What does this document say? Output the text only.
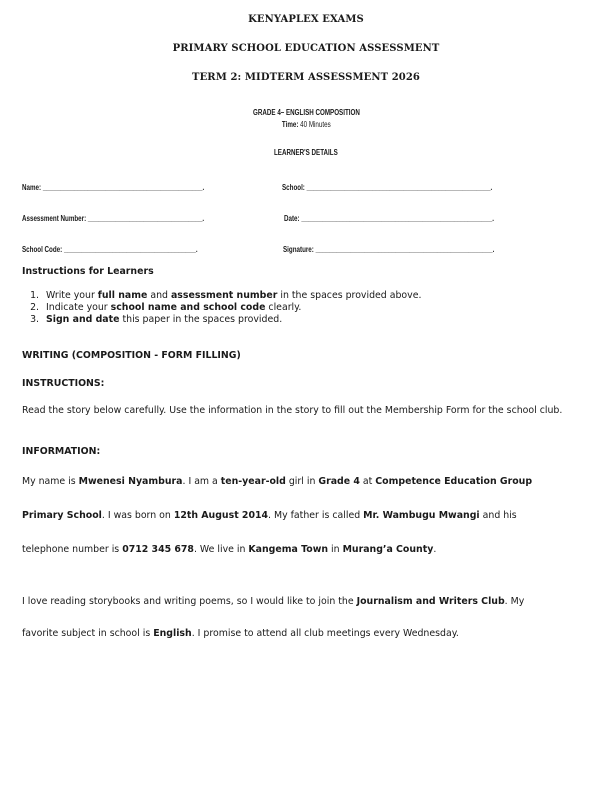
KENYAPLEX EXAMS
PRIMARY SCHOOL EDUCATION ASSESSMENT
TERM 2: MIDTERM ASSESSMENT 2026
GRADE 4– ENGLISH COMPOSITION
Time: 40 Minutes
LEARNER'S DETAILS
Name: ______________________________________________.	School: _____________________________________________________.
Assessment Number: _________________________________.	Date: _______________________________________________________.
School Code: ______________________________________.	Signature: ___________________________________________________.
Instructions for Learners
1. Write your full name and assessment number in the spaces provided above.
2. Indicate your school name and school code clearly.
3. Sign and date this paper in the spaces provided.
WRITING (COMPOSITION - FORM FILLING)
INSTRUCTIONS:
Read the story below carefully. Use the information in the story to fill out the Membership Form for the school club.
INFORMATION:
My name is Mwenesi Nyambura. I am a ten-year-old girl in Grade 4 at Competence Education Group
Primary School. I was born on 12th August 2014. My father is called Mr. Wambugu Mwangi and his
telephone number is 0712 345 678. We live in Kangema Town in Murang’a County.
I love reading storybooks and writing poems, so I would like to join the Journalism and Writers Club. My
favorite subject in school is English. I promise to attend all club meetings every Wednesday.
